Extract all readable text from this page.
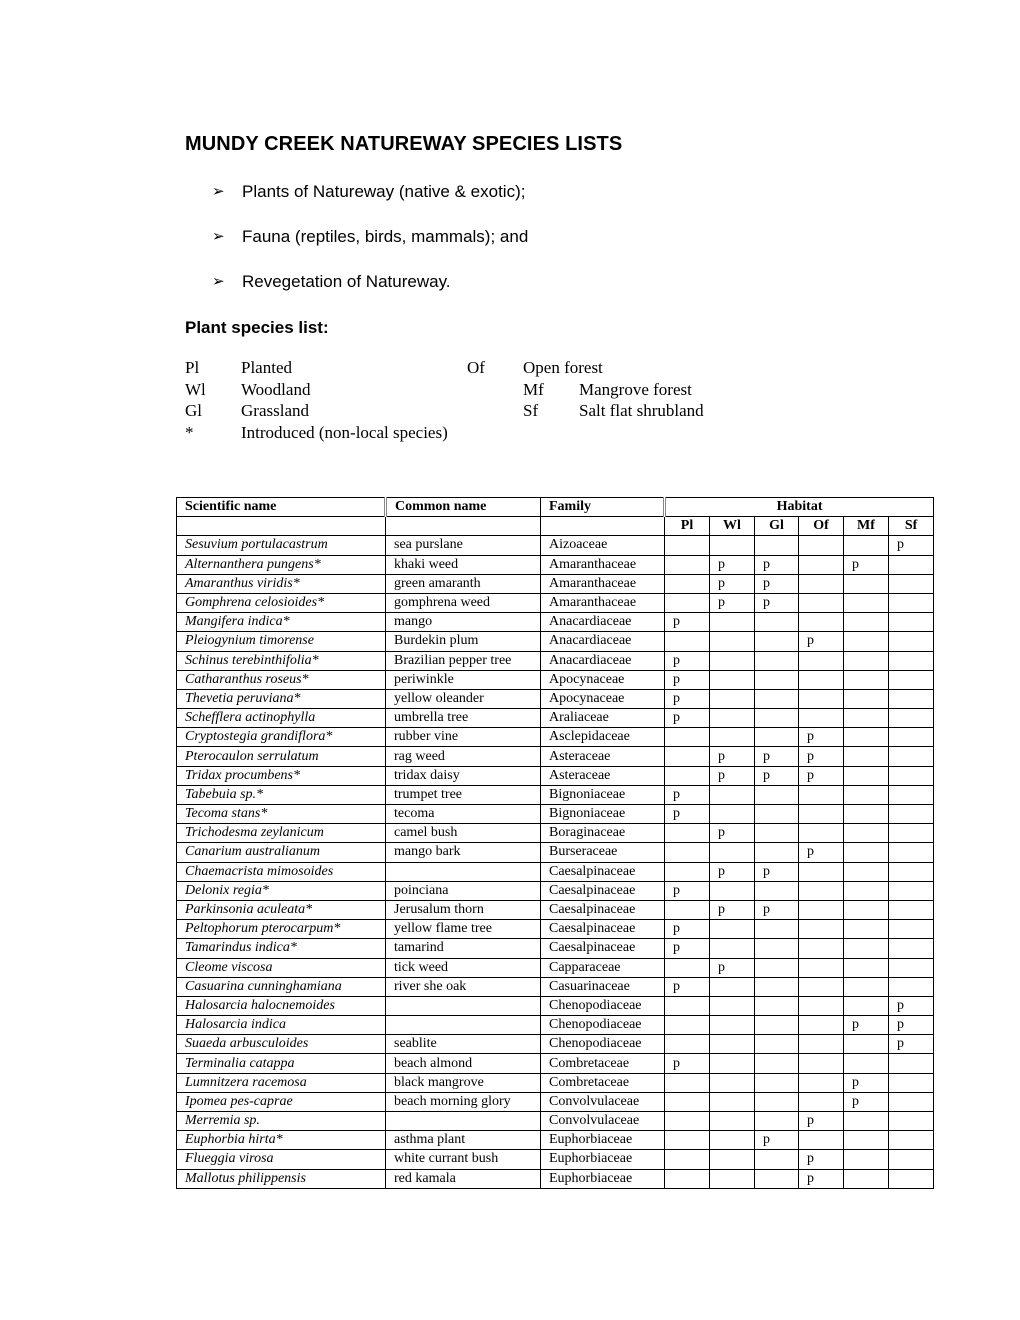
MUNDY CREEK NATUREWAY SPECIES LISTS
➢	Plants of Natureway (native & exotic);
➢	Fauna (reptiles, birds, mammals); and
➢	Revegetation of Natureway.
Plant species list:
Pl Planted	Of Open forest
Wl Woodland	Mf Mangrove forest
Gl Grassland	Sf Salt flat shrubland
*	Introduced (non-local species)
Scientific name	Common name	Family	Habitat					
			Pl	Wl	Gl	Of	Mf	Sf
Sesuvium portulacastrum	sea purslane	Aizoaceae						p
Alternanthera pungens*	khaki weed	Amaranthaceae		p	p		p	
Amaranthus viridis*	green amaranth	Amaranthaceae		p	p			
Gomphrena celosioides*	gomphrena weed	Amaranthaceae		p	p			
Mangifera indica*	mango	Anacardiaceae	p					
Pleiogynium timorense	Burdekin plum	Anacardiaceae				p		
Schinus terebinthifolia*	Brazilian pepper tree	Anacardiaceae	p					
Catharanthus roseus*	periwinkle	Apocynaceae	p					
Thevetia peruviana*	yellow oleander	Apocynaceae	p					
Schefflera actinophylla	umbrella tree	Araliaceae	p					
Cryptostegia grandiflora*	rubber vine	Asclepidaceae				p		
Pterocaulon serrulatum	rag weed	Asteraceae		p	p	p		
Tridax procumbens*	tridax daisy	Asteraceae		p	p	p		
Tabebuia sp.*	trumpet tree	Bignoniaceae	p					
Tecoma stans*	tecoma	Bignoniaceae	p					
Trichodesma zeylanicum	camel bush	Boraginaceae		p				
Canarium australianum	mango bark	Burseraceae				p		
Chaemacrista mimosoides		Caesalpinaceae		p	p			
Delonix regia*	poinciana	Caesalpinaceae	p					
Parkinsonia aculeata*	Jerusalum thorn	Caesalpinaceae		p	p			
Peltophorum pterocarpum*	yellow flame tree	Caesalpinaceae	p					
Tamarindus indica*	tamarind	Caesalpinaceae	p					
Cleome viscosa	tick weed	Capparaceae		p				
Casuarina cunninghamiana	river she oak	Casuarinaceae	p					
Halosarcia halocnemoides		Chenopodiaceae						p
Halosarcia indica		Chenopodiaceae					p	p
Suaeda arbusculoides	seablite	Chenopodiaceae						p
Terminalia catappa	beach almond	Combretaceae	p					
Lumnitzera racemosa	black mangrove	Combretaceae					p	
Ipomea pes-caprae	beach morning glory	Convolvulaceae					p	
Merremia sp.		Convolvulaceae				p		
Euphorbia hirta*	asthma plant	Euphorbiaceae			p			
Flueggia virosa	white currant bush	Euphorbiaceae				p		
Mallotus philippensis	red kamala	Euphorbiaceae				p		
